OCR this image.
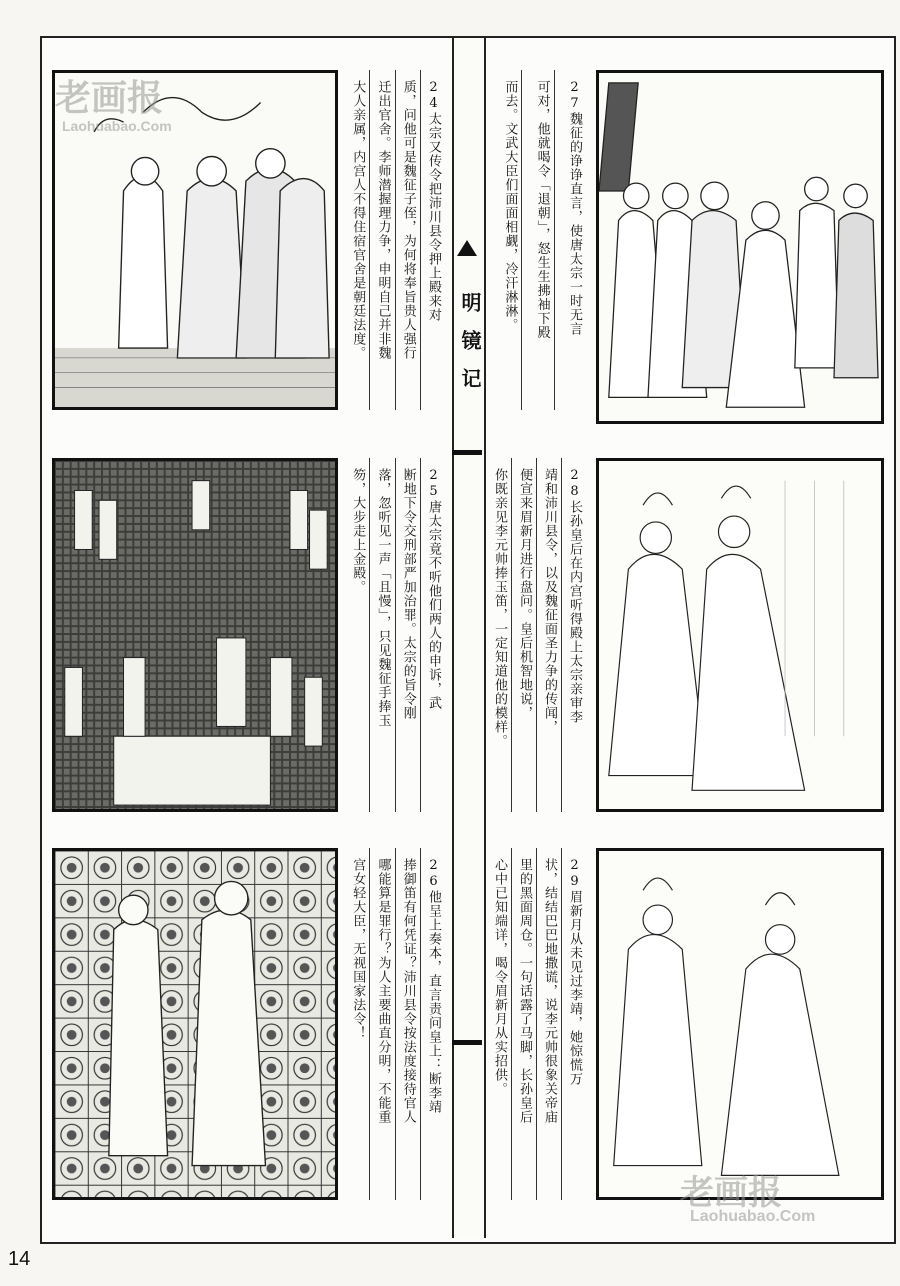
明镜记
24太宗又传令把沛川县令押上殿来对
质，问他可是魏征子侄，为何将奉旨贵人强行
迁出官舍。李师潜握理力争，申明自己并非魏
大人亲属，内宫人不得住宿官舍是朝廷法度。
25唐太宗竟不听他们两人的申诉，武
断地下令交刑部严加治罪。太宗的旨令刚
落，忽听见一声「且慢」，只见魏征手捧玉
笏，大步走上金殿。
26他呈上奏本，直言责问皇上：断李靖
捧御笛有何凭证？沛川县令按法度接待官人
哪能算是罪行？为人主要曲直分明，不能重
宫女轻大臣，无视国家法令！
27魏征的诤诤直言，使唐太宗一时无言
可对，他就喝令「退朝」，怒生生拂袖下殿
而去。文武大臣们面面相觑，冷汗淋淋。
28长孙皇后在内宫听得殿上太宗亲审李
靖和沛川县令，以及魏征面圣力争的传闻，
便宣来眉新月进行盘问。皇后机智地说，
你既亲见李元帅捧玉笛，一定知道他的模样。
29眉新月从未见过李靖，她惊慌万
状，结结巴巴地撒谎，说李元帅很象关帝庙
里的黑面周仓。一句话露了马脚，长孙皇后
心中已知端详，喝令眉新月从实招供。
老画报
Laohuabao.Com
老画报
Laohuabao.Com
14
